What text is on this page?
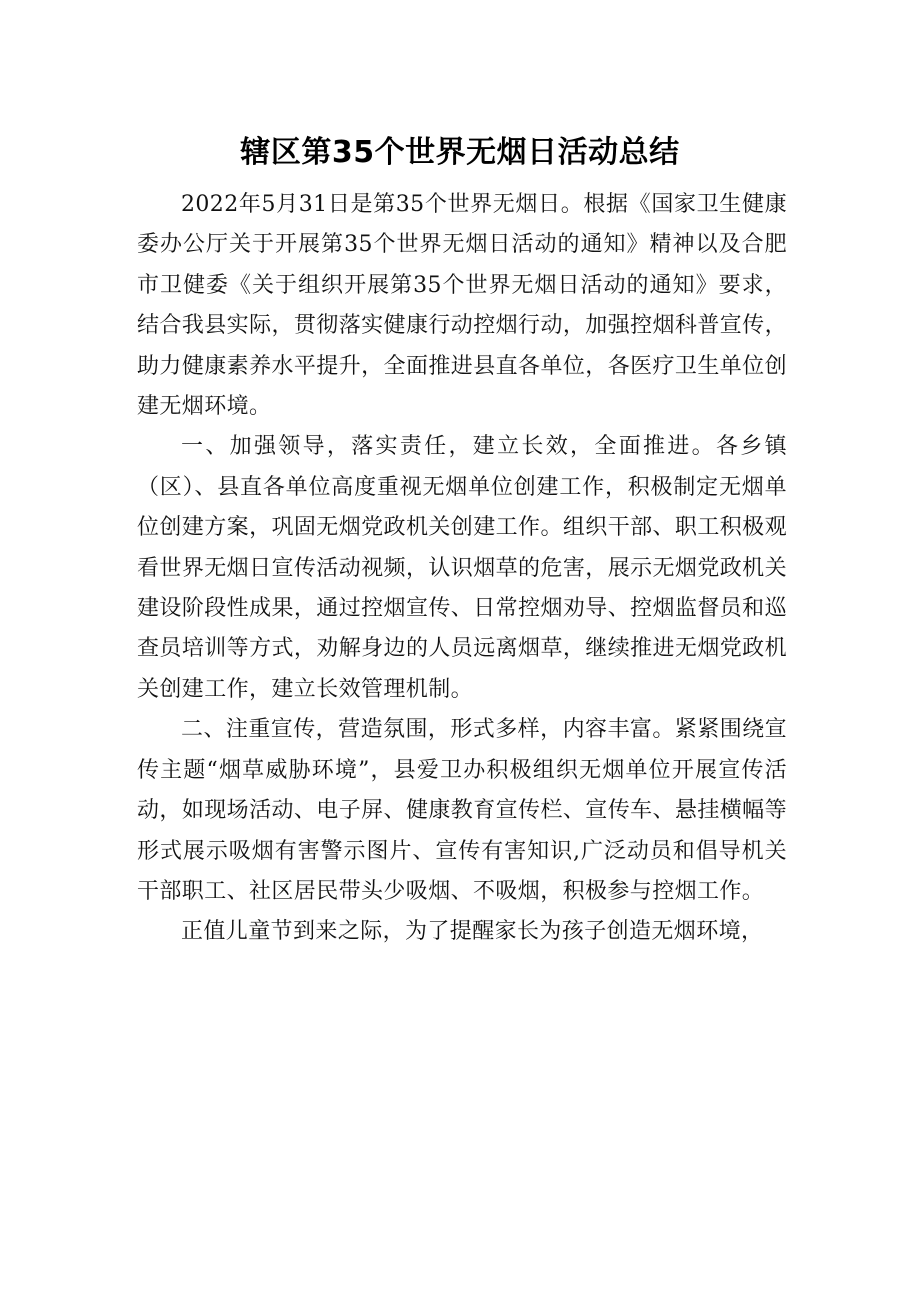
辖区第35个世界无烟日活动总结

2022年5月31日是第35个世界无烟日。根据《国家卫生健康委办公厅关于开展第35个世界无烟日活动的通知》精神以及合肥市卫健委《关于组织开展第35个世界无烟日活动的通知》要求，结合我县实际，贯彻落实健康行动控烟行动，加强控烟科普宣传，助力健康素养水平提升，全面推进县直各单位，各医疗卫生单位创建无烟环境。

一、加强领导，落实责任，建立长效，全面推进。各乡镇（区）、县直各单位高度重视无烟单位创建工作，积极制定无烟单位创建方案，巩固无烟党政机关创建工作。组织干部、职工积极观看世界无烟日宣传活动视频，认识烟草的危害，展示无烟党政机关建设阶段性成果，通过控烟宣传、日常控烟劝导、控烟监督员和巡查员培训等方式，劝解身边的人员远离烟草，继续推进无烟党政机关创建工作，建立长效管理机制。

二、注重宣传，营造氛围，形式多样，内容丰富。紧紧围绕宣传主题“烟草威胁环境”，县爱卫办积极组织无烟单位开展宣传活动，如现场活动、电子屏、健康教育宣传栏、宣传车、悬挂横幅等形式展示吸烟有害警示图片、宣传有害知识,广泛动员和倡导机关干部职工、社区居民带头少吸烟、不吸烟，积极参与控烟工作。

正值儿童节到来之际，为了提醒家长为孩子创造无烟环境，
